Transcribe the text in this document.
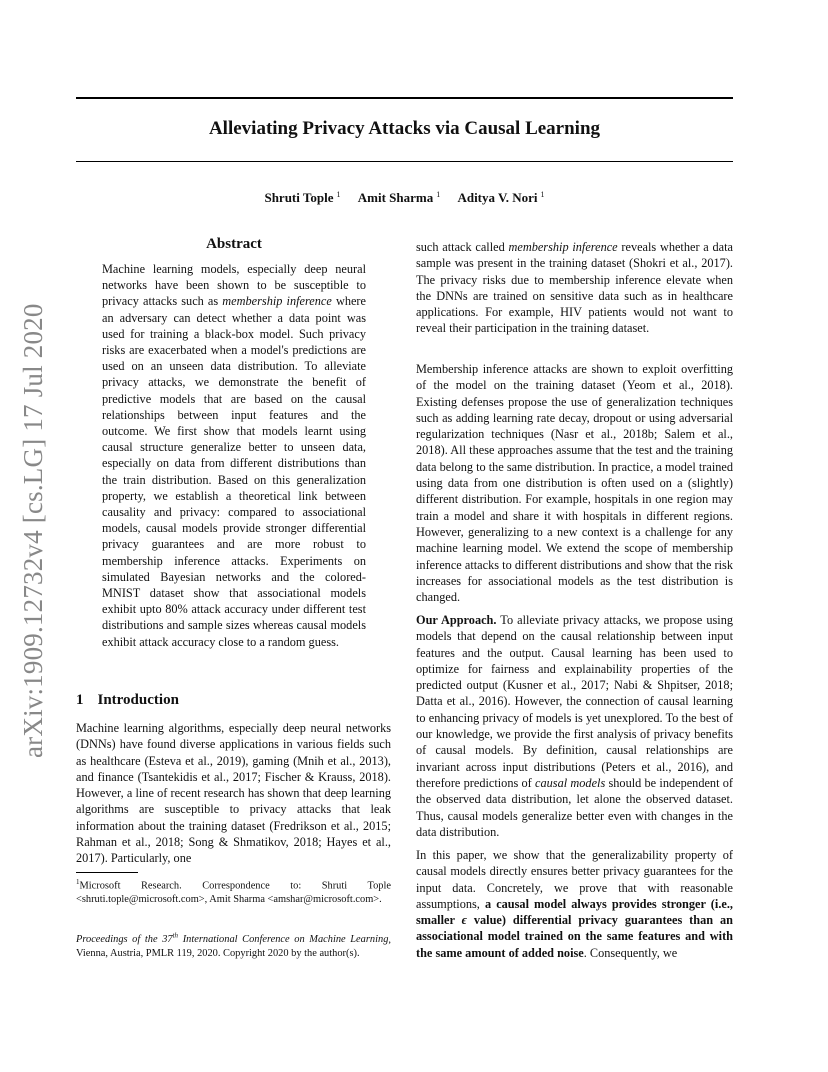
Alleviating Privacy Attacks via Causal Learning
Shruti Tople $^1$ Amit Sharma $^1$ Aditya V. Nori $^1$
arXiv:1909.12732v4 [cs.LG] 17 Jul 2020
Abstract

Machine learning models, especially deep neural networks have been shown to be susceptible to privacy attacks such as membership inference where an adversary can detect whether a data point was used for training a black-box model. Such privacy risks are exacerbated when a model's predictions are used on an unseen data distribution. To alleviate privacy attacks, we demonstrate the benefit of predictive models that are based on the causal relationships between input features and the outcome. We first show that models learnt using causal structure generalize better to unseen data, especially on data from different distributions than the train distribution. Based on this generalization property, we establish a theoretical link between causality and privacy: compared to associational models, causal models provide stronger differential privacy guarantees and are more robust to membership inference attacks. Experiments on simulated Bayesian networks and the colored-MNIST dataset show that associational models exhibit upto 80% attack accuracy under different test distributions and sample sizes whereas causal models exhibit attack accuracy close to a random guess.

1 Introduction

Machine learning algorithms, especially deep neural networks (DNNs) have found diverse applications in various fields such as healthcare (Esteva et al., 2019), gaming (Mnih et al., 2013), and finance (Tsantekidis et al., 2017; Fischer & Krauss, 2018). However, a line of recent research has shown that deep learning algorithms are susceptible to privacy attacks that leak information about the training dataset (Fredrikson et al., 2015; Rahman et al., 2018; Song & Shmatikov, 2018; Hayes et al., 2017). Particularly, one

$^1$Microsoft Research. Correspondence to: Shruti Tople <shruti.tople@microsoft.com>, Amit Sharma <amshar@microsoft.com>.

Proceedings of the 37th International Conference on Machine Learning, Vienna, Austria, PMLR 119, 2020. Copyright 2020 by the author(s).

such attack called membership inference reveals whether a data sample was present in the training dataset (Shokri et al., 2017). The privacy risks due to membership inference elevate when the DNNs are trained on sensitive data such as in healthcare applications. For example, HIV patients would not want to reveal their participation in the training dataset.

Membership inference attacks are shown to exploit overfitting of the model on the training dataset (Yeom et al., 2018). Existing defenses propose the use of generalization techniques such as adding learning rate decay, dropout or using adversarial regularization techniques (Nasr et al., 2018b; Salem et al., 2018). All these approaches assume that the test and the training data belong to the same distribution. In practice, a model trained using data from one distribution is often used on a (slightly) different distribution. For example, hospitals in one region may train a model and share it with hospitals in different regions. However, generalizing to a new context is a challenge for any machine learning model. We extend the scope of membership inference attacks to different distributions and show that the risk increases for associational models as the test distribution is changed.

Our Approach. To alleviate privacy attacks, we propose using models that depend on the causal relationship between input features and the output. Causal learning has been used to optimize for fairness and explainability properties of the predicted output (Kusner et al., 2017; Nabi & Shpitser, 2018; Datta et al., 2016). However, the connection of causal learning to enhancing privacy of models is yet unexplored. To the best of our knowledge, we provide the first analysis of privacy benefits of causal models. By definition, causal relationships are invariant across input distributions (Peters et al., 2016), and therefore predictions of causal models should be independent of the observed data distribution, let alone the observed dataset. Thus, causal models generalize better even with changes in the data distribution.

In this paper, we show that the generalizability property of causal models directly ensures better privacy guarantees for the input data. Concretely, we prove that with reasonable assumptions, a causal model always provides stronger (i.e., smaller ϵ value) differential privacy guarantees than an associational model trained on the same features and with the same amount of added noise. Consequently, we
